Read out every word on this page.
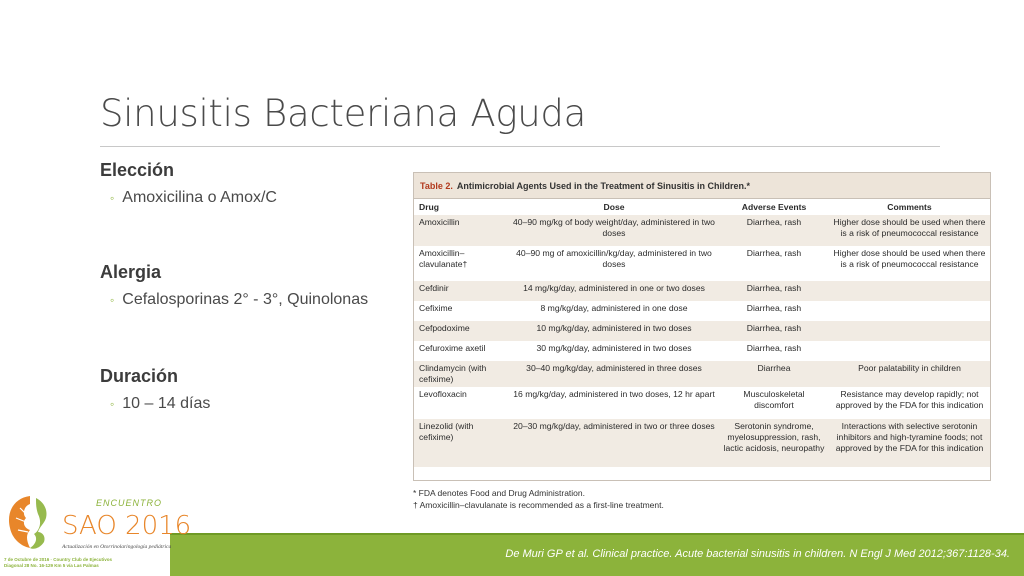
Sinusitis Bacteriana Aguda
Elección
◦ Amoxicilina o Amox/C
Alergia
◦ Cefalosporinas 2° - 3°, Quinolonas
Duración
◦ 10 – 14 días
Table 2. Antimicrobial Agents Used in the Treatment of Sinusitis in Children.*
Drug	Dose	Adverse Events	Comments
Amoxicillin	40–90 mg/kg of body weight/day, administered in two doses	Diarrhea, rash	Higher dose should be used when there is a risk of pneumococcal resistance
Amoxicillin–clavulanate†	40–90 mg of amoxicillin/kg/day, administered in two doses	Diarrhea, rash	Higher dose should be used when there is a risk of pneumococcal resistance
Cefdinir	14 mg/kg/day, administered in one or two doses	Diarrhea, rash	
Cefixime	8 mg/kg/day, administered in one dose	Diarrhea, rash	
Cefpodoxime	10 mg/kg/day, administered in two doses	Diarrhea, rash	
Cefuroxime axetil	30 mg/kg/day, administered in two doses	Diarrhea, rash	
Clindamycin (with cefixime)	30–40 mg/kg/day, administered in three doses	Diarrhea	Poor palatability in children
Levofloxacin	16 mg/kg/day, administered in two doses, 12 hr apart	Musculoskeletal discomfort	Resistance may develop rapidly; not approved by the FDA for this indication
Linezolid (with cefixime)	20–30 mg/kg/day, administered in two or three doses	Serotonin syndrome, myelosuppression, rash, lactic acidosis, neuropathy	Interactions with selective serotonin inhibitors and high-tyramine foods; not approved by the FDA for this indication
* FDA denotes Food and Drug Administration.
† Amoxicillin–clavulanate is recommended as a first-line treatment.
De Muri GP et al. Clinical practice. Acute bacterial sinusitis in children. N Engl J Med 2012;367:1128-34.
ENCUENTRO
SAO 2016
Actualización en Otorrinolaringología pediátrica
7 de Octubre de 2016 · Country Club de Ejecutivos
Diagonal 28 No. 16-129 Km 5 vía Las Palmas
